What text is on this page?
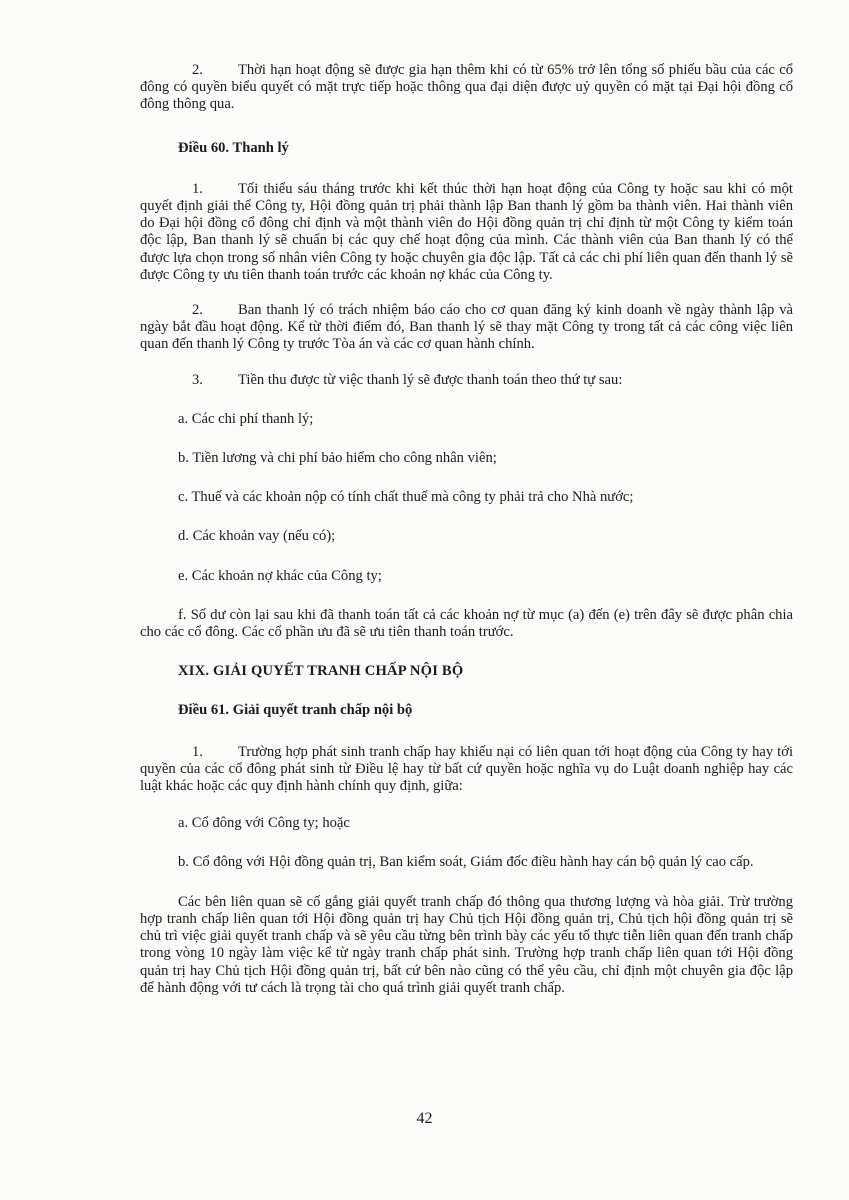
2. Thời hạn hoạt động sẽ được gia hạn thêm khi có từ 65% trở lên tổng số phiếu bầu của các cổ đông có quyền biểu quyết có mặt trực tiếp hoặc thông qua đại diện được uỷ quyền có mặt tại Đại hội đồng cổ đông thông qua.

Điều 60. Thanh lý

1. Tối thiểu sáu tháng trước khi kết thúc thời hạn hoạt động của Công ty hoặc sau khi có một quyết định giải thể Công ty, Hội đồng quản trị phải thành lập Ban thanh lý gồm ba thành viên. Hai thành viên do Đại hội đồng cổ đông chỉ định và một thành viên do Hội đồng quản trị chỉ định từ một Công ty kiểm toán độc lập, Ban thanh lý sẽ chuẩn bị các quy chế hoạt động của mình. Các thành viên của Ban thanh lý có thể được lựa chọn trong số nhân viên Công ty hoặc chuyên gia độc lập. Tất cả các chi phí liên quan đến thanh lý sẽ được Công ty ưu tiên thanh toán trước các khoản nợ khác của Công ty.

2. Ban thanh lý có trách nhiệm báo cáo cho cơ quan đăng ký kinh doanh về ngày thành lập và ngày bắt đầu hoạt động. Kể từ thời điểm đó, Ban thanh lý sẽ thay mặt Công ty trong tất cả các công việc liên quan đến thanh lý Công ty trước Tòa án và các cơ quan hành chính.

3. Tiền thu được từ việc thanh lý sẽ được thanh toán theo thứ tự sau:

a. Các chi phí thanh lý;
b. Tiền lương và chi phí bảo hiểm cho công nhân viên;
c. Thuế và các khoản nộp có tính chất thuế mà công ty phải trả cho Nhà nước;
d. Các khoản vay (nếu có);
e. Các khoản nợ khác của Công ty;

f. Số dư còn lại sau khi đã thanh toán tất cả các khoản nợ từ mục (a) đến (e) trên đây sẽ được phân chia cho các cổ đông. Các cổ phần ưu đã sẽ ưu tiên thanh toán trước.

XIX. GIẢI QUYẾT TRANH CHẤP NỘI BỘ
Điều 61. Giải quyết tranh chấp nội bộ

1. Trường hợp phát sinh tranh chấp hay khiếu nại có liên quan tới hoạt động của Công ty hay tới quyền của các cổ đông phát sinh từ Điều lệ hay từ bất cứ quyền hoặc nghĩa vụ do Luật doanh nghiệp hay các luật khác hoặc các quy định hành chính quy định, giữa:

a. Cổ đông với Công ty; hoặc

b. Cổ đông với Hội đồng quản trị, Ban kiểm soát, Giám đốc điều hành hay cán bộ quản lý cao cấp.

Các bên liên quan sẽ cố gắng giải quyết tranh chấp đó thông qua thương lượng và hòa giải. Trừ trường hợp tranh chấp liên quan tới Hội đồng quản trị hay Chủ tịch Hội đồng quản trị, Chủ tịch hội đồng quản trị sẽ chủ trì việc giải quyết tranh chấp và sẽ yêu cầu từng bên trình bày các yếu tố thực tiễn liên quan đến tranh chấp trong vòng 10 ngày làm việc kể từ ngày tranh chấp phát sinh. Trường hợp tranh chấp liên quan tới Hội đồng quản trị hay Chủ tịch Hội đồng quản trị, bất cứ bên nào cũng có thể yêu cầu, chỉ định một chuyên gia độc lập để hành động với tư cách là trọng tài cho quá trình giải quyết tranh chấp.

42
